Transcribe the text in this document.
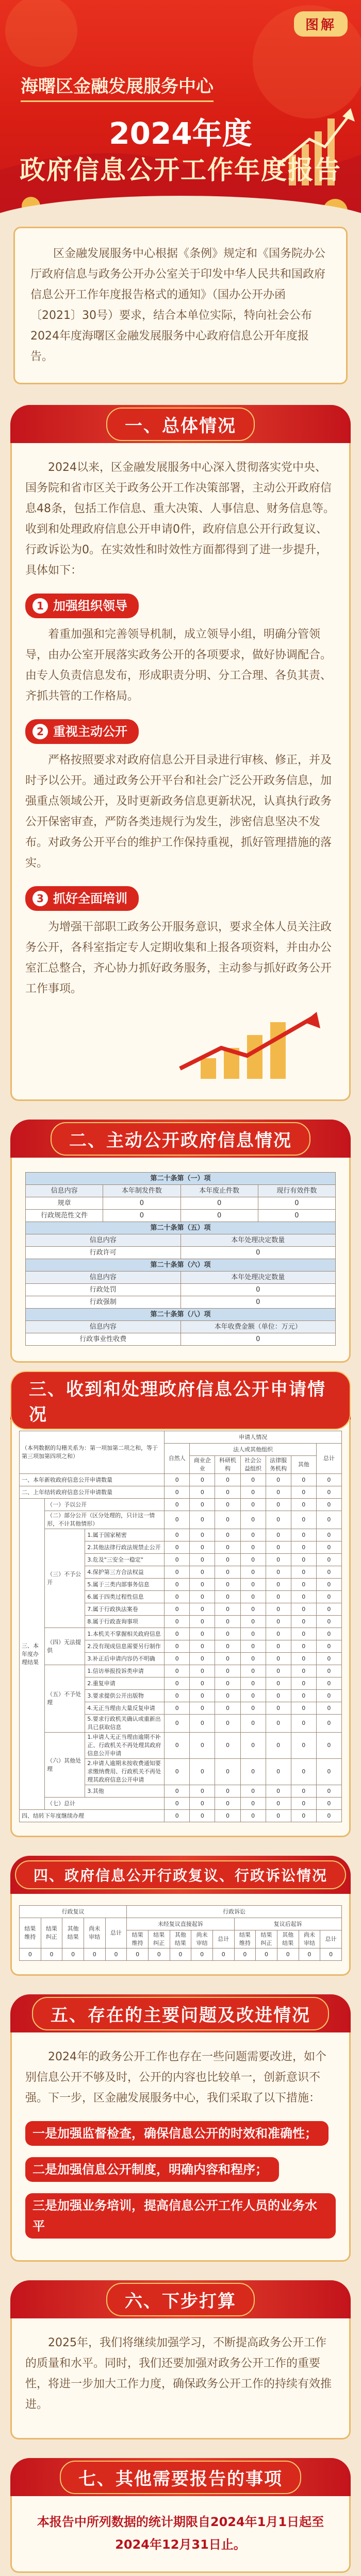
图解
海曙区金融发展服务中心
2024年度
政府信息公开工作年度报告
区金融发展服务中心根据《条例》规定和《国务院办公厅政府信息与政务公开办公室关于印发中华人民共和国政府信息公开工作年度报告格式的通知》（国办公开办函〔2021〕30号）要求，结合本单位实际，特向社会公布2024年度海曙区金融发展服务中心政府信息公开年度报告。
一、总体情况

2024以来，区金融发展服务中心深入贯彻落实党中央、国务院和省市区关于政务公开工作决策部署，主动公开政府信息48条，包括工作信息、重大决策、人事信息、财务信息等。收到和处理政府信息公开申请0件，政府信息公开行政复议、行政诉讼为0。在实效性和时效性方面都得到了进一步提升，具体如下：

1 加强组织领导

着重加强和完善领导机制，成立领导小组，明确分管领导，由办公室开展落实政务公开的各项要求，做好协调配合。由专人负责信息发布，形成职责分明、分工合理、各负其责、齐抓共管的工作格局。

2 重视主动公开

严格按照要求对政府信息公开目录进行审核、修正，并及时予以公开。通过政务公开平台和社会广泛公开政务信息，加强重点领域公开，及时更新政务信息更新状况，认真执行政务公开保密审查，严防各类违规行为发生，涉密信息坚决不发布。对政务公开平台的维护工作保持重视，抓好管理措施的落实。

3 抓好全面培训

为增强干部职工政务公开服务意识，要求全体人员关注政务公开，各科室指定专人定期收集和上报各项资料，并由办公室汇总整合，齐心协力抓好政务服务，主动参与抓好政务公开工作事项。

二、主动公开政府信息情况
第二十条第（一）项			
信息内容	本年制发件数	本年废止件数	现行有效件数
规章	0	0	0
行政规范性文件	0	0	0
第二十条第（五）项			
信息内容		本年处理决定数量	
行政许可		0	
第二十条第（六）项			
信息内容		本年处理决定数量	
行政处罚		0	
行政强制		0	
第二十条第（八）项			
信息内容		本年收费金额（单位：万元）	
行政事业性收费		0	
三、收到和处理政府信息公开申请情况
（本列数据的勾稽关系为：第一项加第二项之和，等于第三项加第四项之和）			申请人情况						
			自然人	法人或其他组织					总计
				商业企业	科研机构	社会公益组织	法律服务机构	其他	
一、本年新收政府信息公开申请数量			0	0	0	0	0	0	0
二、上年结转政府信息公开申请数量			0	0	0	0	0	0	0
三、本年度办理结果	（一）予以公开		0	0	0	0	0	0	0
	（二）部分公开（区分处理的，只计这一情形，不计其他情形）		0	0	0	0	0	0	0
	（三）不予公开	1.属于国家秘密	0	0	0	0	0	0	0
		2.其他法律行政法规禁止公开	0	0	0	0	0	0	0
		3.危及"三安全一稳定"	0	0	0	0	0	0	0
		4.保护第三方合法权益	0	0	0	0	0	0	0
		5.属于三类内部事务信息	0	0	0	0	0	0	0
		6.属于四类过程性信息	0	0	0	0	0	0	0
		7.属于行政执法案卷	0	0	0	0	0	0	0
		8.属于行政查询事项	0	0	0	0	0	0	0
	（四）无法提供	1.本机关不掌握相关政府信息	0	0	0	0	0	0	0
		2.没有现成信息需要另行制作	0	0	0	0	0	0	0
		3.补正后申请内容仍不明确	0	0	0	0	0	0	0
	（五）不予处理	1.信访举报投诉类申请	0	0	0	0	0	0	0
		2.重复申请	0	0	0	0	0	0	0
		3.要求提供公开出版物	0	0	0	0	0	0	0
		4.无正当理由大量反复申请	0	0	0	0	0	0	0
		5.要求行政机关确认或重新出具已获取信息	0	0	0	0	0	0	0
	（六）其他处理	1.申请人无正当理由逾期不补正、行政机关不再处理其政府信息公开申请	0	0	0	0	0	0	0
		2.申请人逾期未按收费通知要求缴纳费用、行政机关不再处理其政府信息公开申请	0	0	0	0	0	0	0
		3.其他	0	0	0	0	0	0	0
	（七）总计		0	0	0	0	0	0	0
四、结转下年度继续办理			0	0	0	0	0	0	0
四、政府信息公开行政复议、行政诉讼情况
行政复议					行政诉讼									
结果维持	结果纠正	其他结果	尚未审结	总计	未经复议直接起诉					复议后起诉				
					结果维持	结果纠正	其他结果	尚未审结	总计	结果维持	结果纠正	其他结果	尚未审结	总计
0	0	0	0	0	0	0	0	0	0	0	0	0	0	0
五、存在的主要问题及改进情况

2024年的政务公开工作也存在一些问题需要改进，如个别信息公开不够及时，公开的内容也比较单一，创新意识不强。下一步，区金融发展服务中心，我们采取了以下措施：

一是加强监督检查，确保信息公开的时效和准确性；

二是加强信息公开制度，明确内容和程序；

三是加强业务培训，提高信息公开工作人员的业务水平
六、下步打算

2025年，我们将继续加强学习，不断提高政务公开工作的质量和水平。同时，我们还要加强对政务公开工作的重要性，将进一步加大工作力度，确保政务公开工作的持续有效推进。

七、其他需要报告的事项

本报告中所列数据的统计期限自2024年1月1日起至2024年12月31日止。
